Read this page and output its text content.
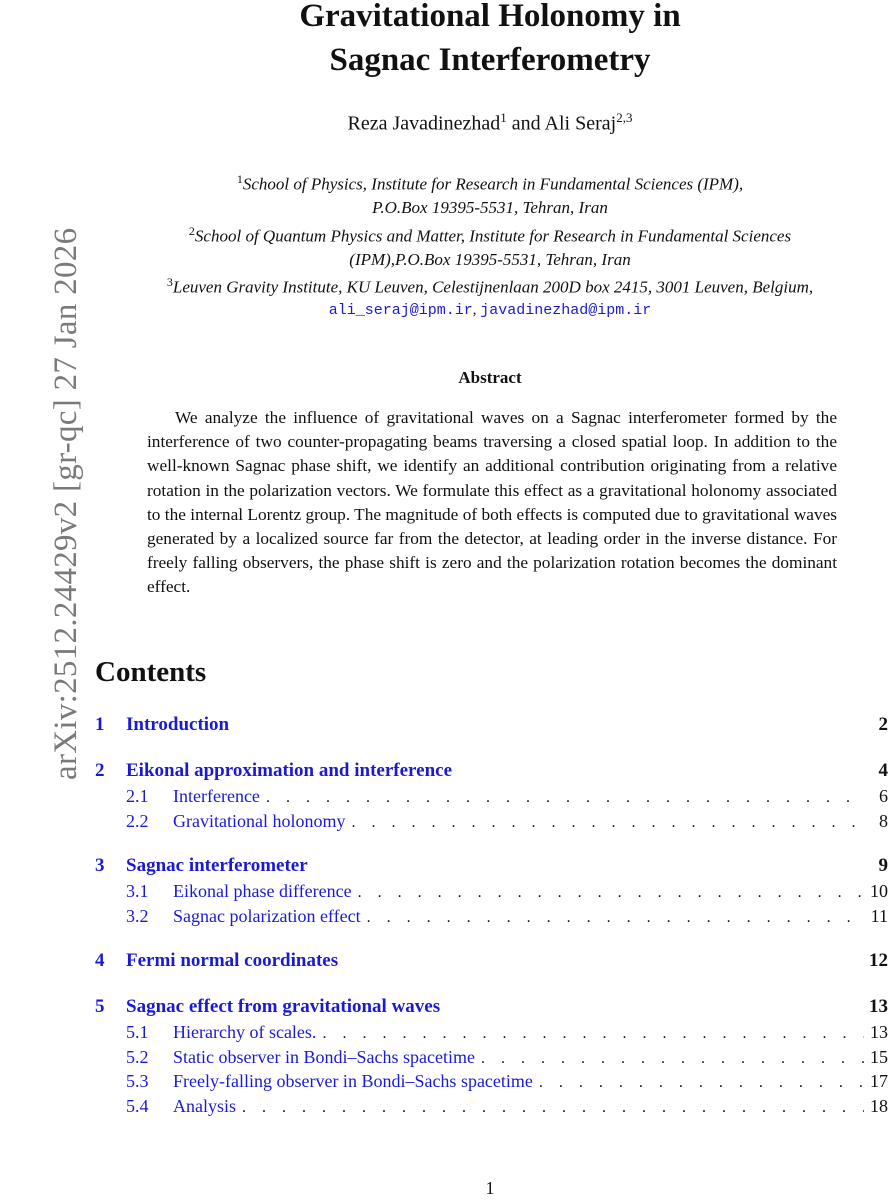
arXiv:2512.24429v2 [gr-qc] 27 Jan 2026
Gravitational Holonomy in
Sagnac Interferometry
Reza Javadinezhad$^1$ and Ali Seraj$^{2,3}$
$^1$School of Physics, Institute for Research in Fundamental Sciences (IPM),
P.O.Box 19395-5531, Tehran, Iran
$^2$School of Quantum Physics and Matter, Institute for Research in Fundamental Sciences
(IPM),P.O.Box 19395-5531, Tehran, Iran
$^3$Leuven Gravity Institute, KU Leuven, Celestijnenlaan 200D box 2415, 3001 Leuven, Belgium,
ali_seraj@ipm.ir, javadinezhad@ipm.ir
Abstract

We analyze the influence of gravitational waves on a Sagnac interferometer formed by the interference of two counter-propagating beams traversing a closed spatial loop. In addition to the well-known Sagnac phase shift, we identify an additional contribution originating from a relative rotation in the polarization vectors. We formulate this effect as a gravitational holonomy associated to the internal Lorentz group. The magnitude of both effects is computed due to gravitational waves generated by a localized source far from the detector, at leading order in the inverse distance. For freely falling observers, the phase shift is zero and the polarization rotation becomes the dominant effect.

Contents
1	Introduction	2
2	Eikonal approximation and interference	4
2.1	Interference . . .	6
2.2	Gravitational holonomy . . .	8
3	Sagnac interferometer	9
3.1	Eikonal phase difference . . .	10
3.2	Sagnac polarization effect . . .	11
4	Fermi normal coordinates	12
5	Sagnac effect from gravitational waves	13
5.1	Hierarchy of scales. . . .	13
5.2	Static observer in Bondi–Sachs spacetime . . .	15
5.3	Freely-falling observer in Bondi–Sachs spacetime . . .	17
5.4	Analysis . . .	18
1
